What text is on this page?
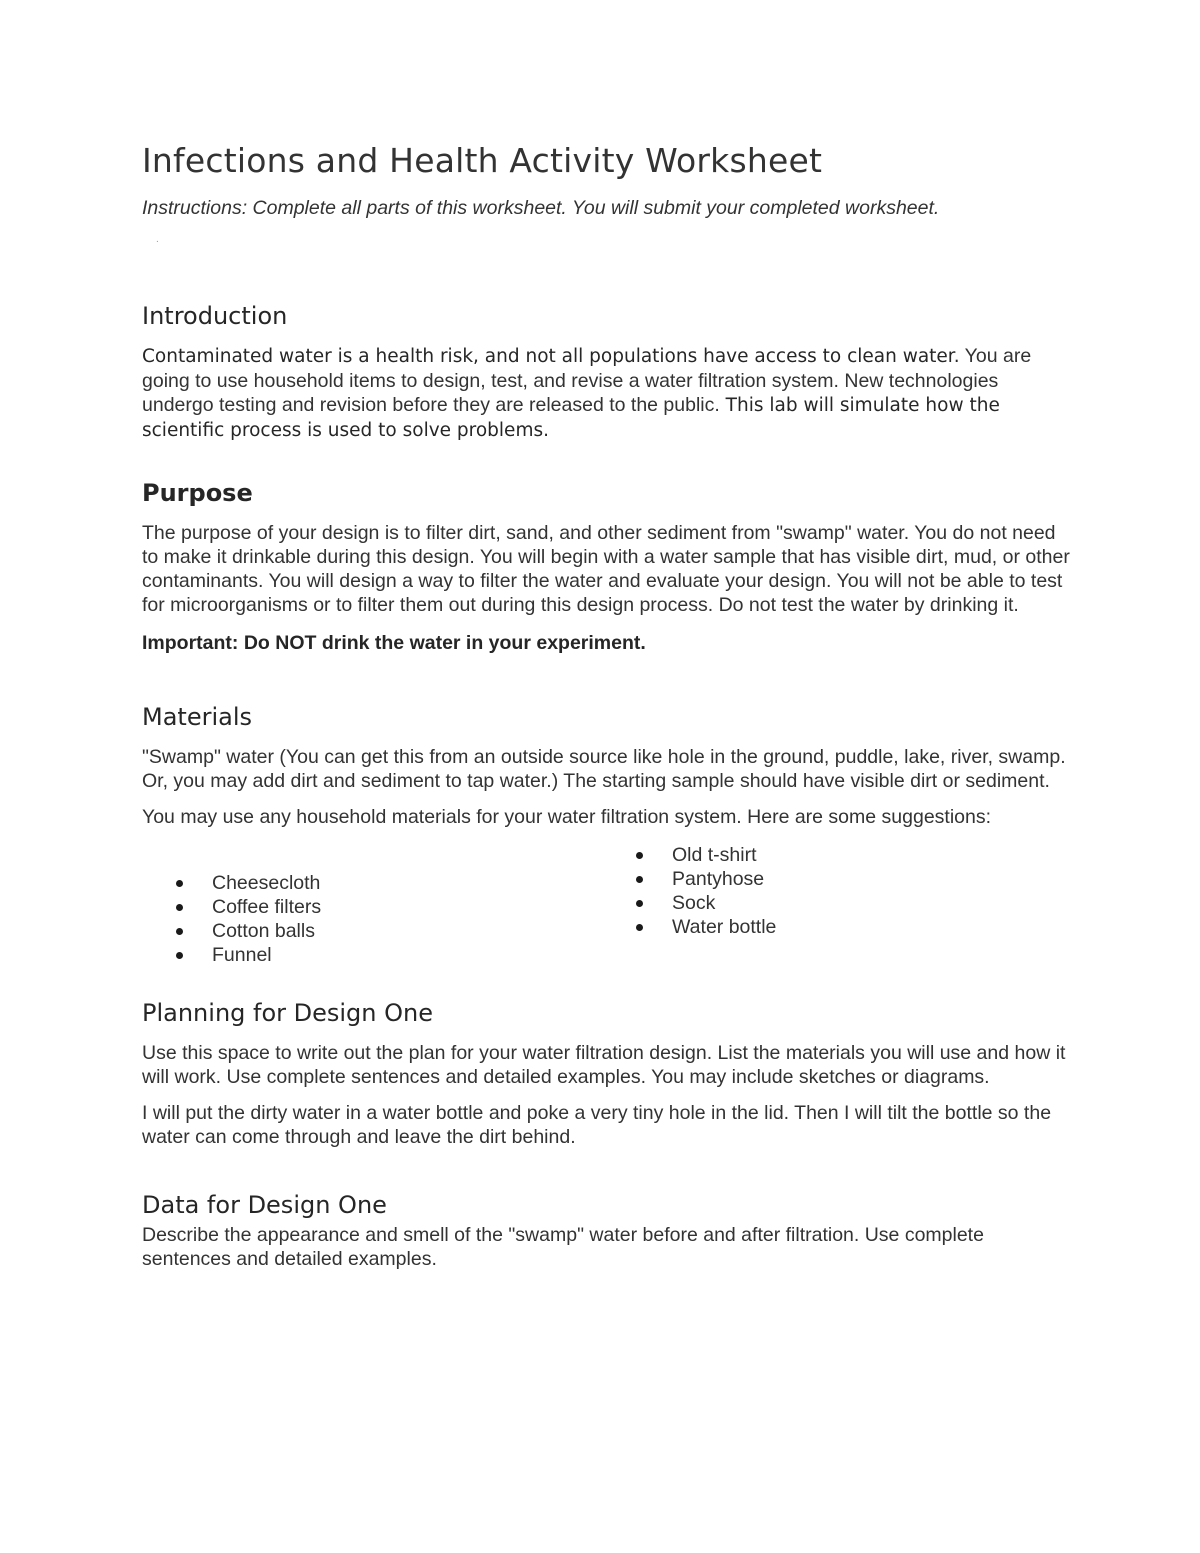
Infections and Health Activity Worksheet

Instructions: Complete all parts of this worksheet. You will submit your completed worksheet.

.
Introduction

Contaminated water is a health risk, and not all populations have access to clean water. You are going to use household items to design, test, and revise a water filtration system. New technologies undergo testing and revision before they are released to the public. This lab will simulate how the scientific process is used to solve problems.

Purpose

The purpose of your design is to filter dirt, sand, and other sediment from "swamp" water. You do not need to make it drinkable during this design. You will begin with a water sample that has visible dirt, mud, or other contaminants. You will design a way to filter the water and evaluate your design. You will not be able to test for microorganisms or to filter them out during this design process. Do not test the water by drinking it.

Important: Do NOT drink the water in your experiment.

Materials

"Swamp" water (You can get this from an outside source like hole in the ground, puddle, lake, river, swamp. Or, you may add dirt and sediment to tap water.) The starting sample should have visible dirt or sediment.

You may use any household materials for your water filtration system. Here are some suggestions:

Cheesecloth
Coffee filters
Cotton balls
Funnel
Old t-shirt
Pantyhose
Sock
Water bottle
Planning for Design One

Use this space to write out the plan for your water filtration design. List the materials you will use and how it will work. Use complete sentences and detailed examples. You may include sketches or diagrams.

I will put the dirty water in a water bottle and poke a very tiny hole in the lid. Then I will tilt the bottle so the water can come through and leave the dirt behind.

Data for Design One

Describe the appearance and smell of the "swamp" water before and after filtration. Use complete sentences and detailed examples.
